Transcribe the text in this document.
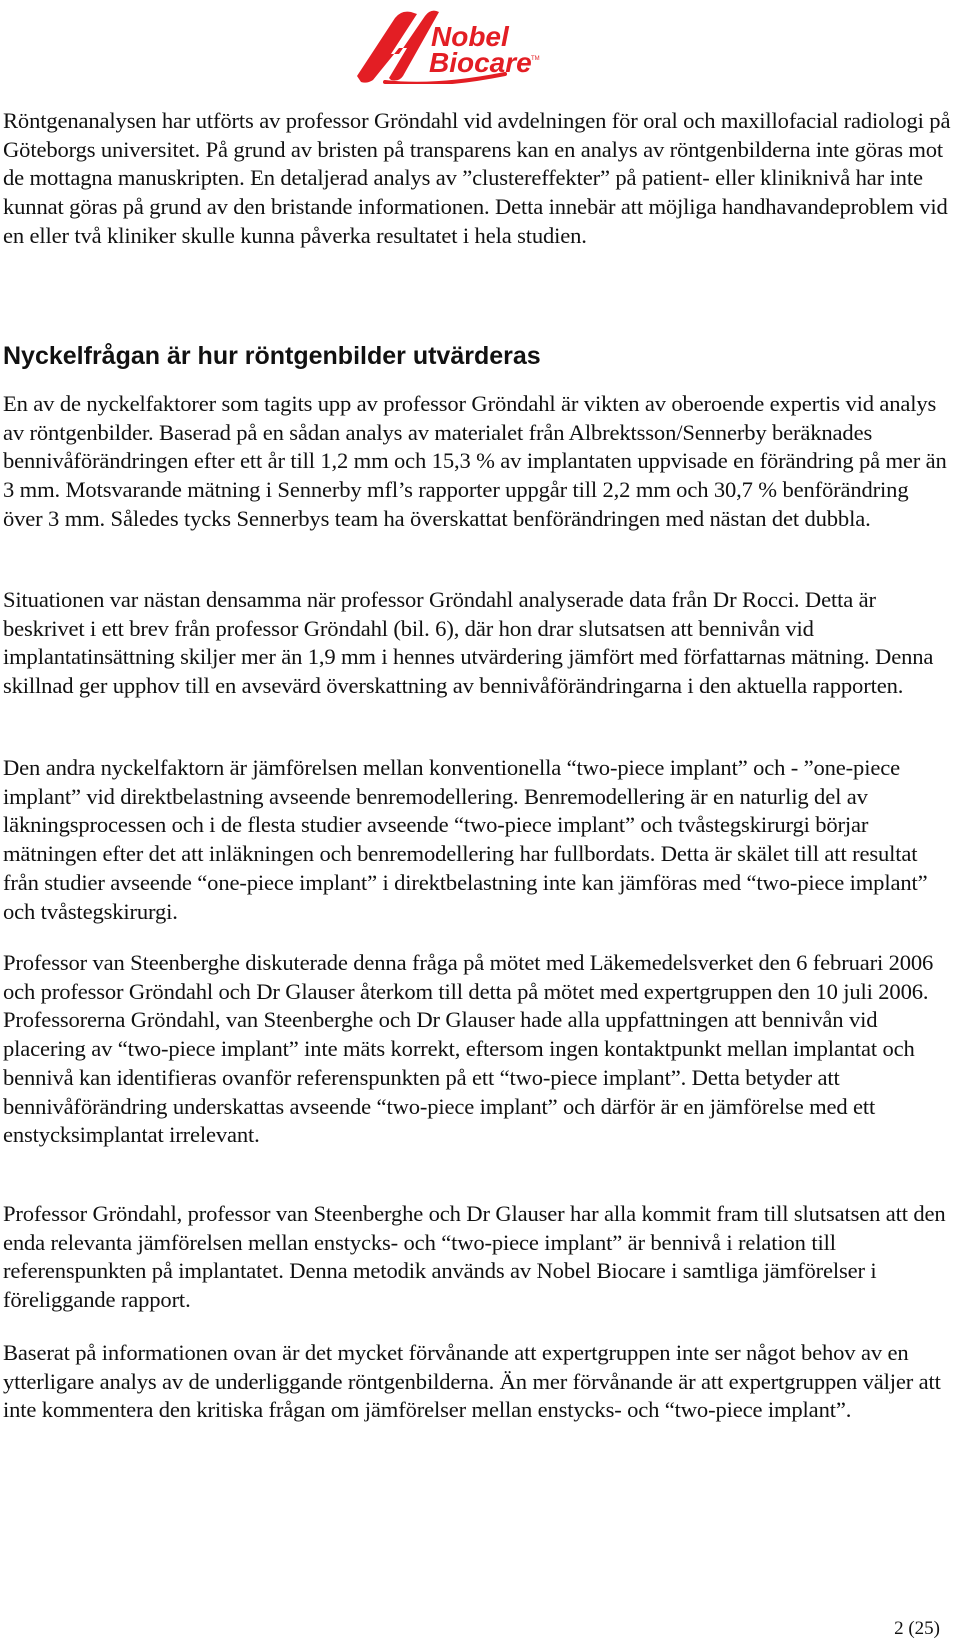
Nobel
Biocare TM

Röntgenanalysen har utförts av professor Gröndahl vid avdelningen för oral och maxillofacial radiologi på Göteborgs universitet. På grund av bristen på transparens kan en analys av röntgenbilderna inte göras mot de mottagna manuskripten. En detaljerad analys av ”clustereffekter” på patient- eller kliniknivå har inte kunnat göras på grund av den bristande informationen. Detta innebär att möjliga handhavandeproblem vid en eller två kliniker skulle kunna påverka resultatet i hela studien.

Nyckelfrågan är hur röntgenbilder utvärderas

En av de nyckelfaktorer som tagits upp av professor Gröndahl är vikten av oberoende expertis vid analys av röntgenbilder. Baserad på en sådan analys av materialet från Albrektsson/Sennerby beräknades bennivåförändringen efter ett år till 1,2 mm och 15,3 % av implantaten uppvisade en förändring på mer än 3 mm. Motsvarande mätning i Sennerby mfl’s rapporter uppgår till 2,2 mm och 30,7 % benförändring över 3 mm. Således tycks Sennerbys team ha överskattat benförändringen med nästan det dubbla.

Situationen var nästan densamma när professor Gröndahl analyserade data från Dr Rocci. Detta är beskrivet i ett brev från professor Gröndahl (bil. 6), där hon drar slutsatsen att bennivån vid implantatinsättning skiljer mer än 1,9 mm i hennes utvärdering jämfört med författarnas mätning. Denna skillnad ger upphov till en avsevärd överskattning av bennivåförändringarna i den aktuella rapporten.

Den andra nyckelfaktorn är jämförelsen mellan konventionella “two-piece implant” och - ”one-piece implant” vid direktbelastning avseende benremodellering. Benremodellering är en naturlig del av läkningsprocessen och i de flesta studier avseende “two-piece implant” och tvåstegskirurgi börjar mätningen efter det att inläkningen och benremodellering har fullbordats. Detta är skälet till att resultat från studier avseende “one-piece implant” i direktbelastning inte kan jämföras med “two-piece implant” och tvåstegskirurgi.

Professor van Steenberghe diskuterade denna fråga på mötet med Läkemedelsverket den 6 februari 2006 och professor Gröndahl och Dr Glauser återkom till detta på mötet med expertgruppen den 10 juli 2006. Professorerna Gröndahl, van Steenberghe och Dr Glauser hade alla uppfattningen att bennivån vid placering av “two-piece implant” inte mäts korrekt, eftersom ingen kontaktpunkt mellan implantat och bennivå kan identifieras ovanför referenspunkten på ett “two-piece implant”. Detta betyder att bennivåförändring underskattas avseende “two-piece implant” och därför är en jämförelse med ett enstycksimplantat irrelevant.

Professor Gröndahl, professor van Steenberghe och Dr Glauser har alla kommit fram till slutsatsen att den enda relevanta jämförelsen mellan enstycks- och “two-piece implant” är bennivå i relation till referenspunkten på implantatet. Denna metodik används av Nobel Biocare i samtliga jämförelser i föreliggande rapport.

Baserat på informationen ovan är det mycket förvånande att expertgruppen inte ser något behov av en ytterligare analys av de underliggande röntgenbilderna. Än mer förvånande är att expertgruppen väljer att inte kommentera den kritiska frågan om jämförelser mellan enstycks- och “two-piece implant”.

2 (25)
